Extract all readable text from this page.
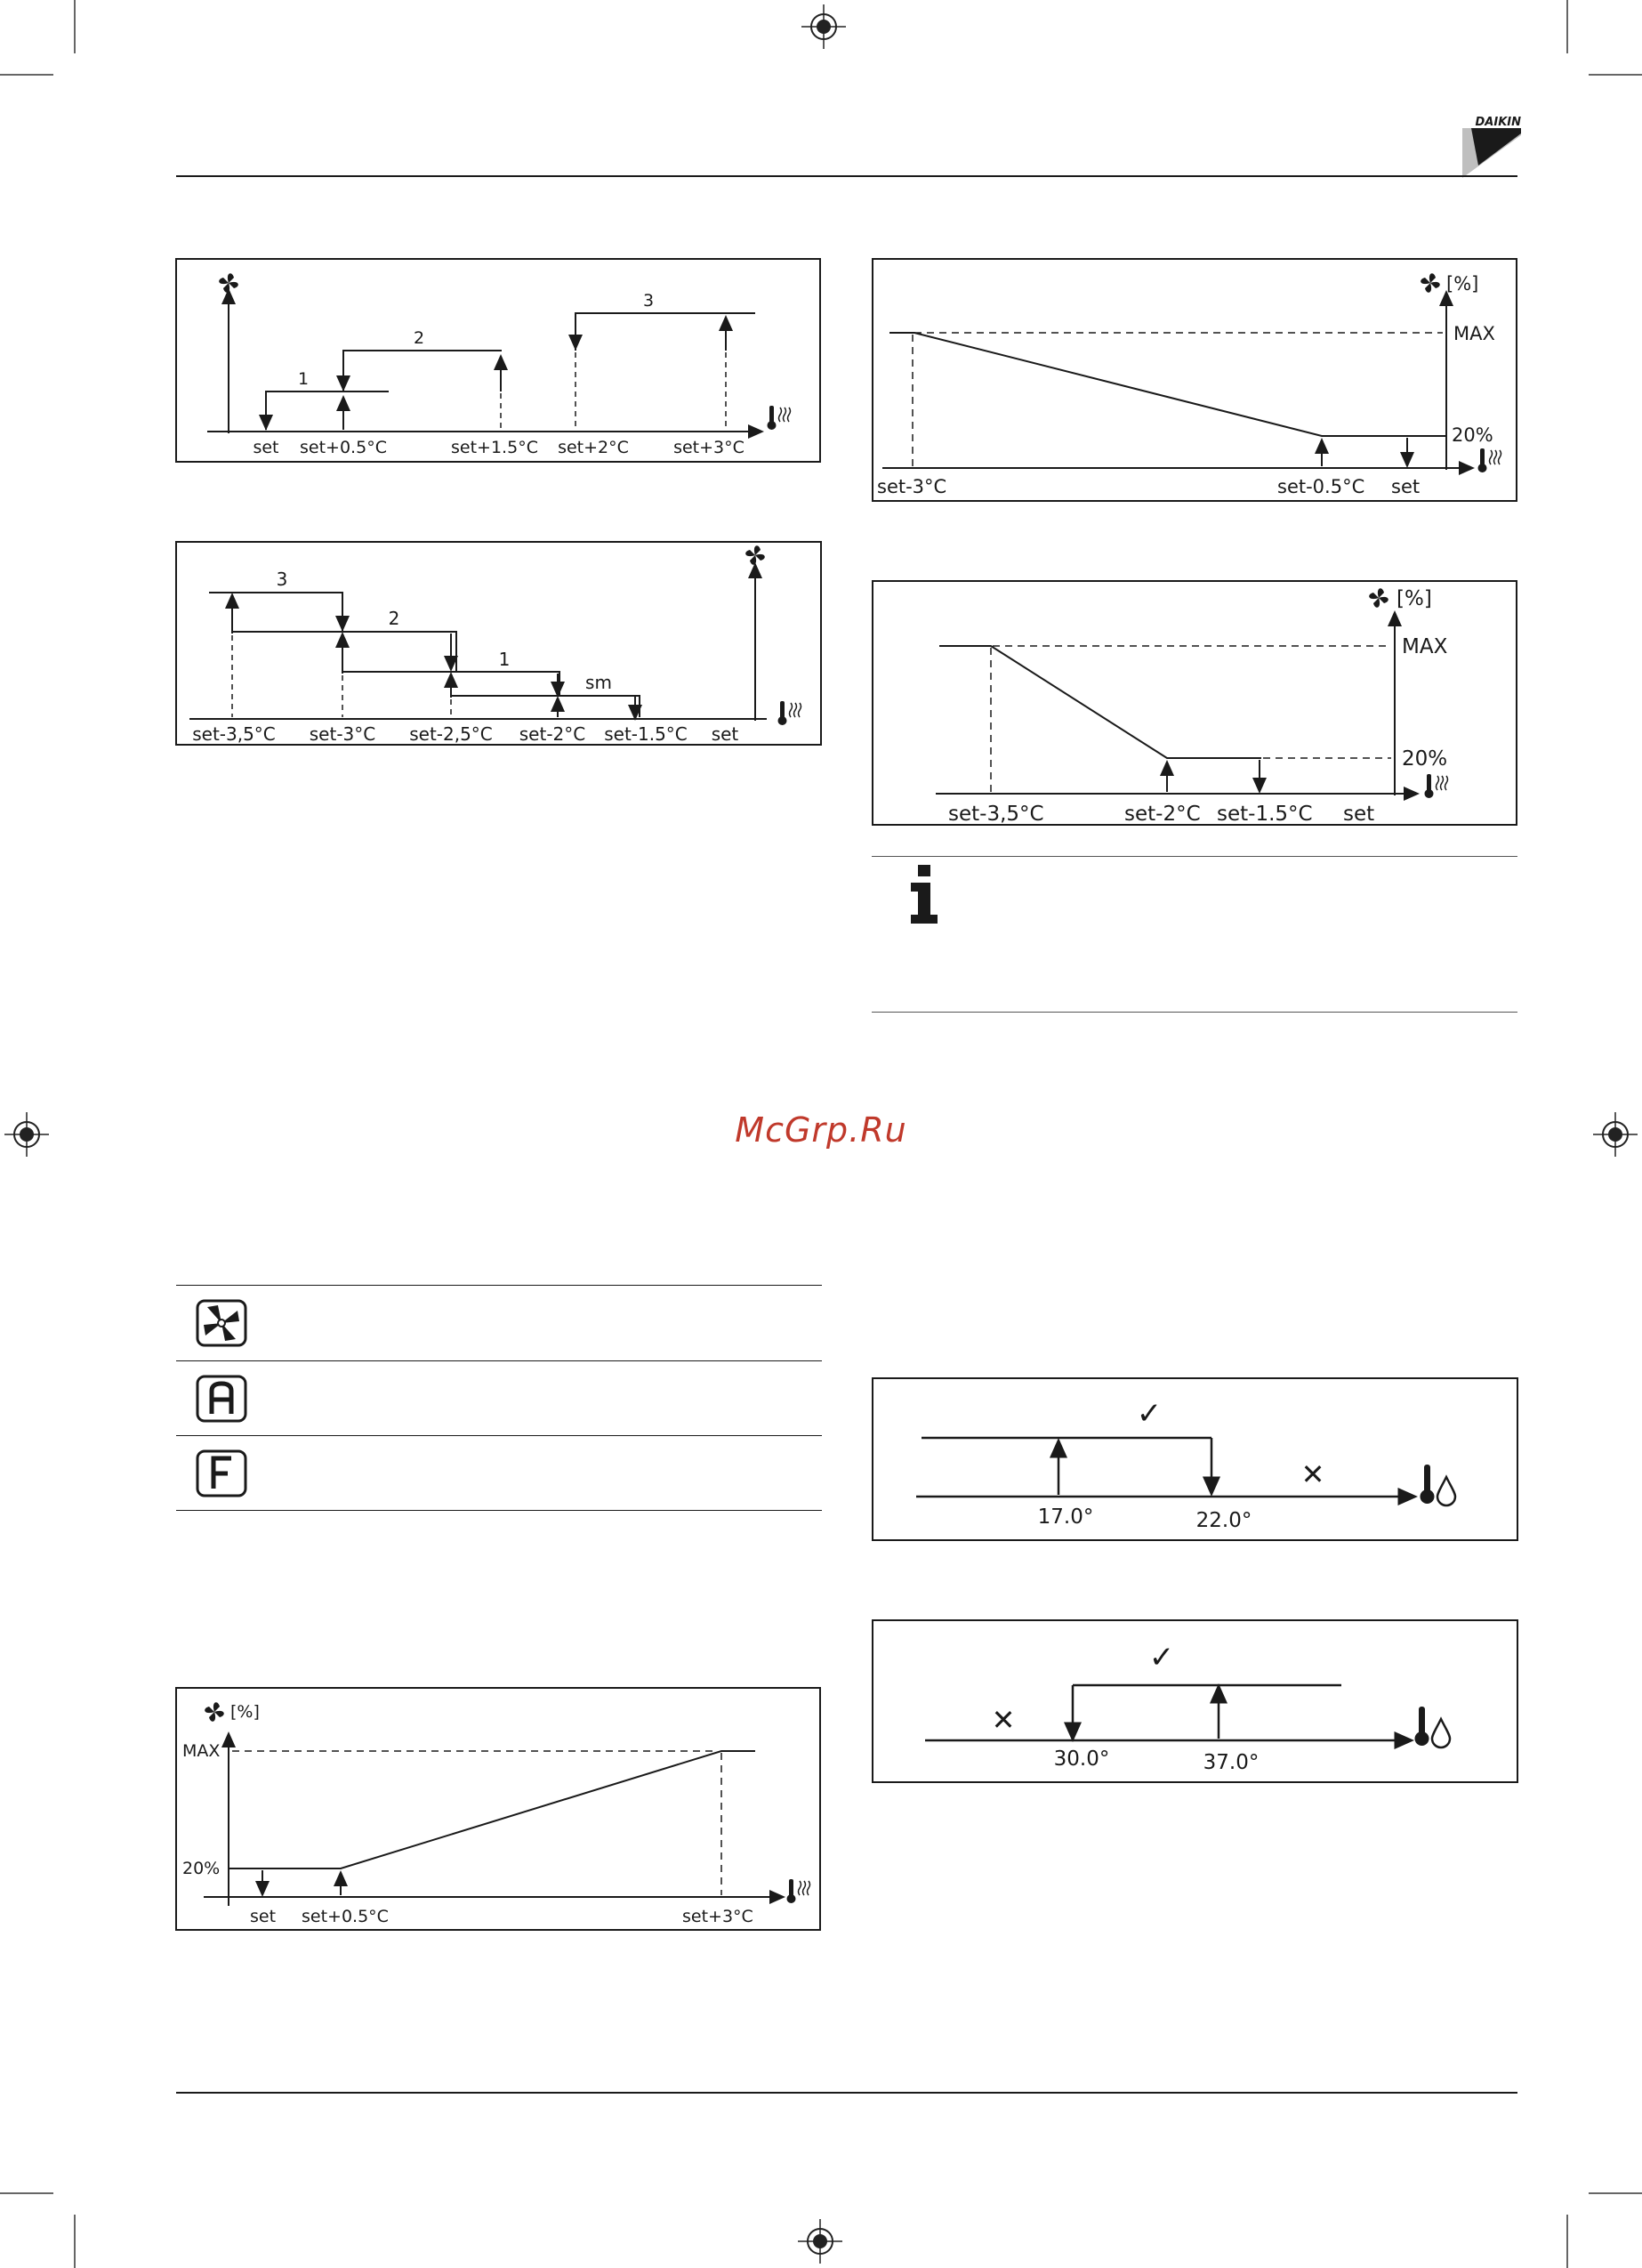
DAIKIN
set set+0.5°C	set+1.5°C set+2°C	set+3°C
1
2
3
set-3,5°C set-3°C set-2,5°C set-2°C set-1.5°C set
3
2
1
sm
[%]
MAX
20%
set-3°C	set-0.5°C set
[%]
MAX
20%
set-3,5°C	set-2°C set-1.5°C set
McGrp.Ru
[%]
MAX
20%
set set+0.5°C	set+3°C
17.0°	22.0°
✓
✕
30.0°	37.0°
✓
✕
